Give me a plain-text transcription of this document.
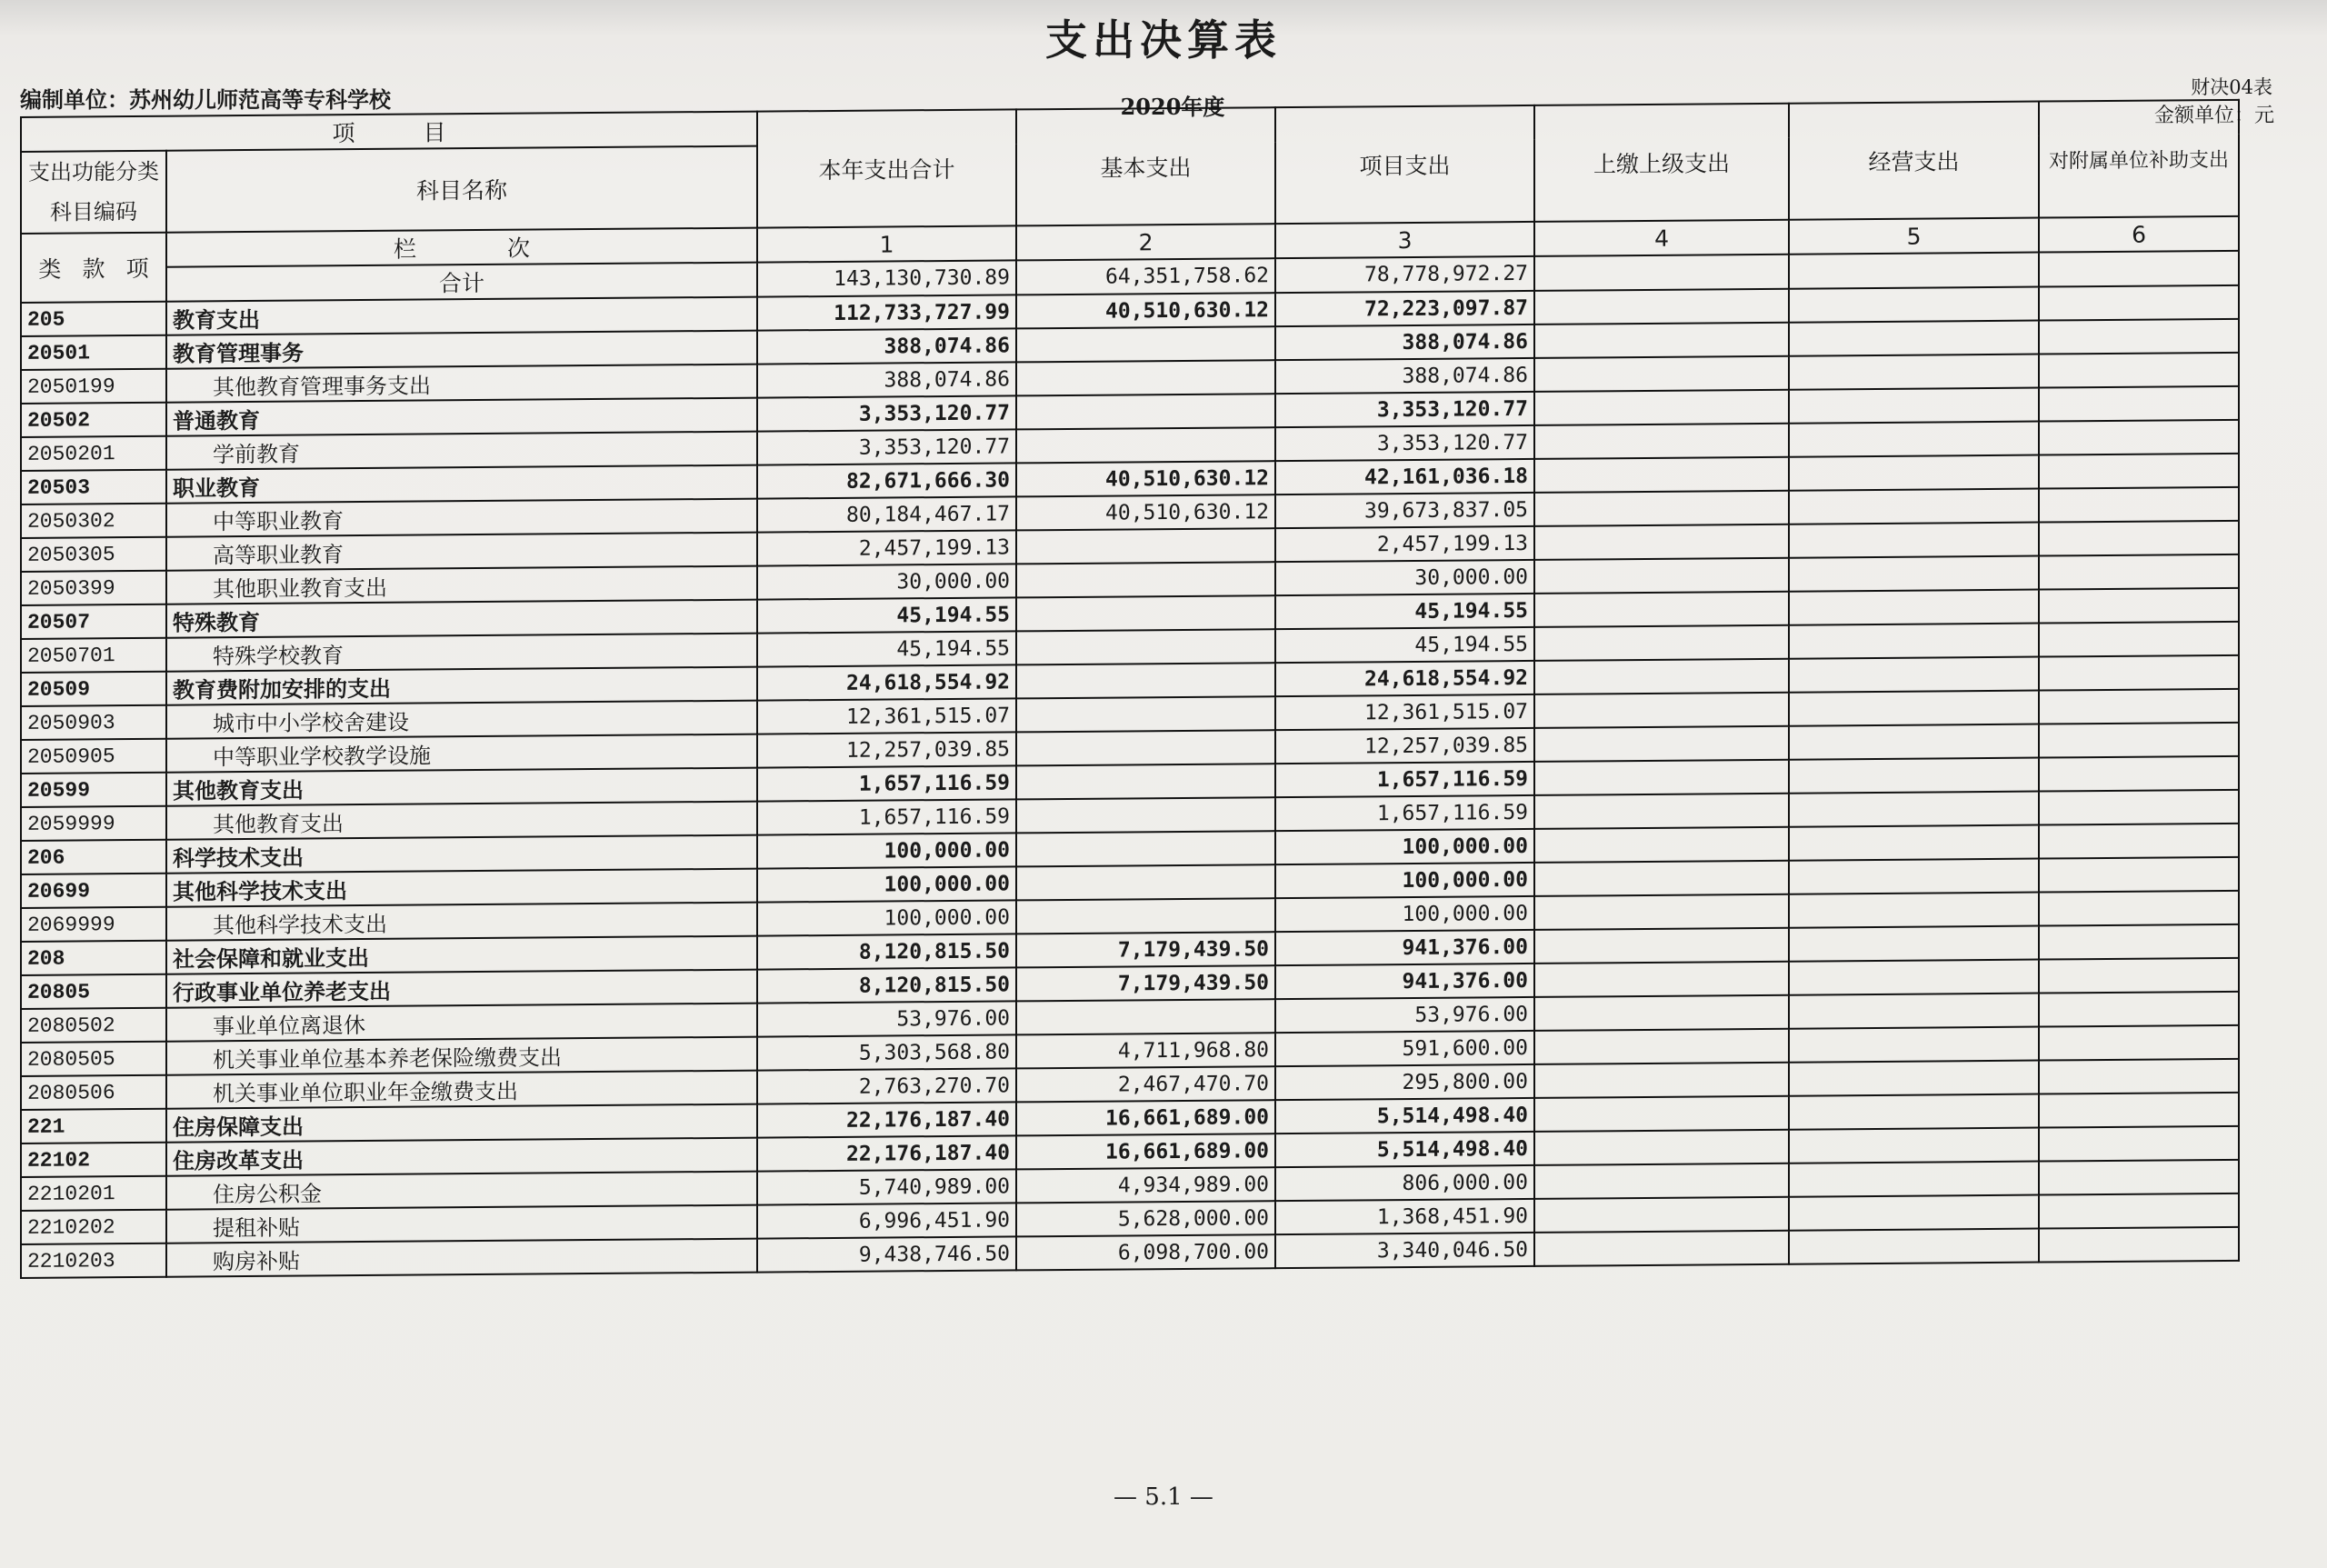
支出决算表
编制单位：苏州幼儿师范高等专科学校	2020年度
财决04表
金额单位：元
项　　　目		本年支出合计	基本支出	项目支出	上缴上级支出	经营支出	对附属单位补助支出
支出功能分类科目编码	科目名称						

类 款 项	栏　　　　次	1	2	3	4	5	6
	合计	143,130,730.89	64,351,758.62	78,778,972.27			
205	教育支出	112,733,727.99	40,510,630.12	72,223,097.87			
20501	教育管理事务	388,074.86		388,074.86			
2050199	其他教育管理事务支出	388,074.86		388,074.86			
20502	普通教育	3,353,120.77		3,353,120.77			
2050201	学前教育	3,353,120.77		3,353,120.77			
20503	职业教育	82,671,666.30	40,510,630.12	42,161,036.18			
2050302	中等职业教育	80,184,467.17	40,510,630.12	39,673,837.05			
2050305	高等职业教育	2,457,199.13		2,457,199.13			
2050399	其他职业教育支出	30,000.00		30,000.00			
20507	特殊教育	45,194.55		45,194.55			
2050701	特殊学校教育	45,194.55		45,194.55			
20509	教育费附加安排的支出	24,618,554.92		24,618,554.92			
2050903	城市中小学校舍建设	12,361,515.07		12,361,515.07			
2050905	中等职业学校教学设施	12,257,039.85		12,257,039.85			
20599	其他教育支出	1,657,116.59		1,657,116.59			
2059999	其他教育支出	1,657,116.59		1,657,116.59			
206	科学技术支出	100,000.00		100,000.00			
20699	其他科学技术支出	100,000.00		100,000.00			
2069999	其他科学技术支出	100,000.00		100,000.00			
208	社会保障和就业支出	8,120,815.50	7,179,439.50	941,376.00			
20805	行政事业单位养老支出	8,120,815.50	7,179,439.50	941,376.00			
2080502	事业单位离退休	53,976.00		53,976.00			
2080505	机关事业单位基本养老保险缴费支出	5,303,568.80	4,711,968.80	591,600.00			
2080506	机关事业单位职业年金缴费支出	2,763,270.70	2,467,470.70	295,800.00			
221	住房保障支出	22,176,187.40	16,661,689.00	5,514,498.40			
22102	住房改革支出	22,176,187.40	16,661,689.00	5,514,498.40			
2210201	住房公积金	5,740,989.00	4,934,989.00	806,000.00			
2210202	提租补贴	6,996,451.90	5,628,000.00	1,368,451.90			
2210203	购房补贴	9,438,746.50	6,098,700.00	3,340,046.50			
— 5.1 —
